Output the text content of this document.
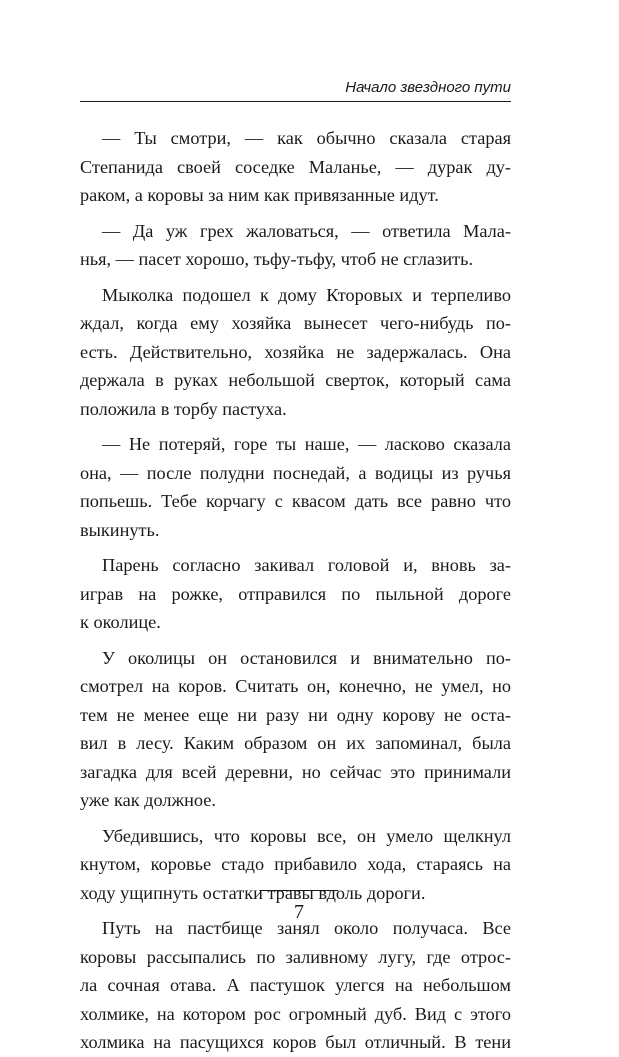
Начало звездного пути

— Ты смотри, — как обычно сказала старая
Степанида своей соседке Маланье, — дурак ду-
раком, а коровы за ним как привязанные идут.

— Да уж грех жаловаться, — ответила Мала-
нья, — пасет хорошо, тьфу-тьфу, чтоб не сглазить.

Мыколка подошел к дому Кторовых и терпеливо
ждал, когда ему хозяйка вынесет чего-нибудь по-
есть. Действительно, хозяйка не задержалась. Она
держала в руках небольшой сверток, который сама
положила в торбу пастуха.

— Не потеряй, горе ты наше, — ласково сказала
она, — после полудни поснедай, а водицы из ручья
попьешь. Тебе корчагу с квасом дать все равно что
выкинуть.

Парень согласно закивал головой и, вновь за-
играв на рожке, отправился по пыльной дороге
к околице.

У околицы он остановился и внимательно по-
смотрел на коров. Считать он, конечно, не умел, но
тем не менее еще ни разу ни одну корову не оста-
вил в лесу. Каким образом он их запоминал, была
загадка для всей деревни, но сейчас это принимали
уже как должное.

Убедившись, что коровы все, он умело щелкнул
кнутом, коровье стадо прибавило хода, стараясь на
ходу ущипнуть остатки травы вдоль дороги.

Путь на пастбище занял около получаса. Все
коровы рассыпались по заливному лугу, где отрос-
ла сочная отава. А пастушок улегся на небольшом
холмике, на котором рос огромный дуб. Вид с этого
холмика на пасущихся коров был отличный. В тени

7
